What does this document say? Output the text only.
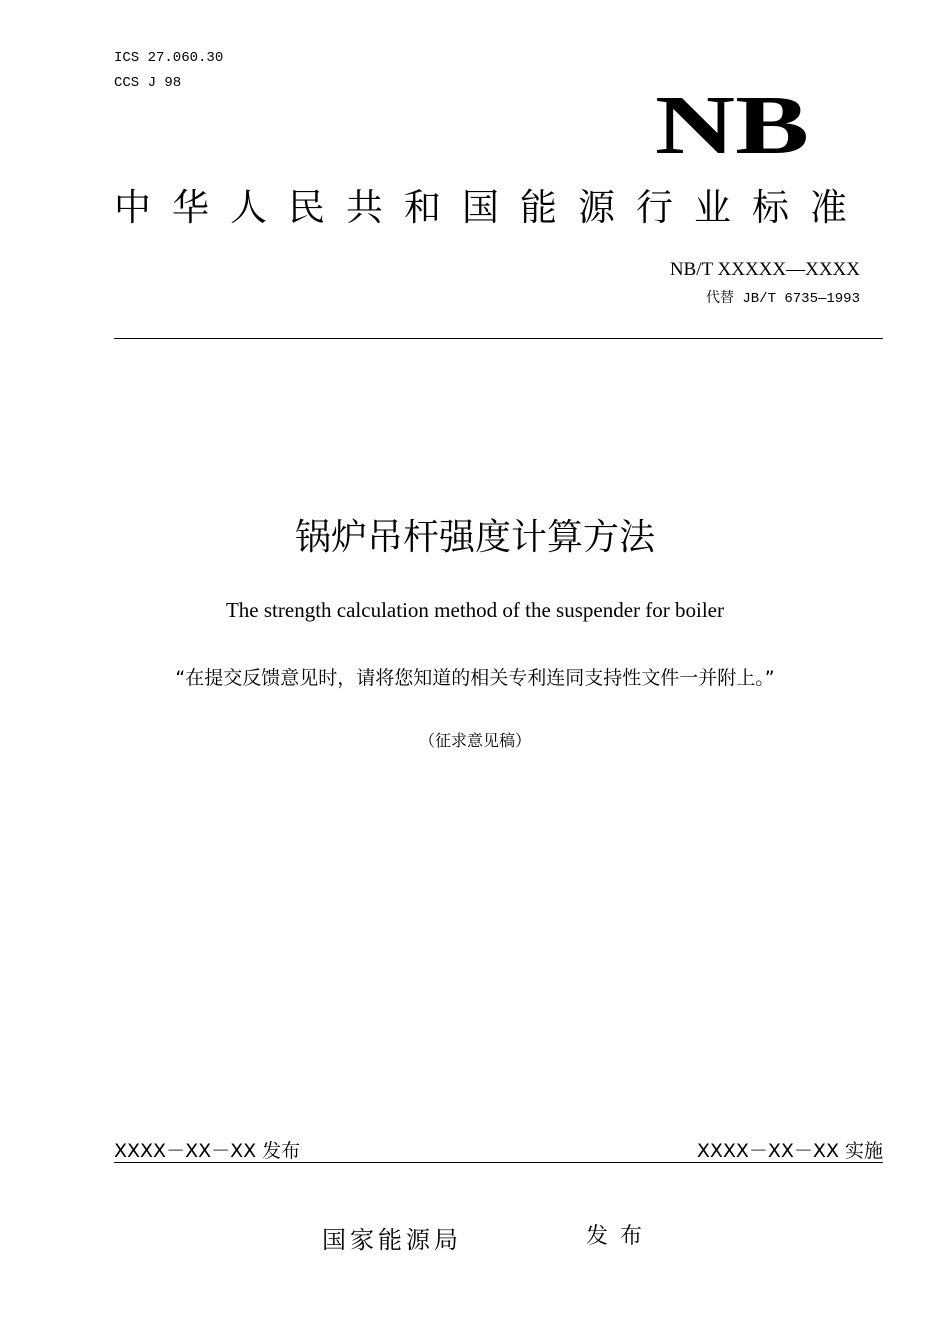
ICS 27.060.30

CCS J 98	NB
中华人民共和国能源行业标准

NB/T XXXXX—XXXX

代替 JB/T 6735—1993

锅炉吊杆强度计算方法

The strength calculation method of the suspender for boiler

“在提交反馈意见时，请将您知道的相关专利连同支持性文件一并附上。”

（征求意见稿）

XXXX－XX－XX 发布	XXXX－XX－XX 实施

国家能源局	发布
